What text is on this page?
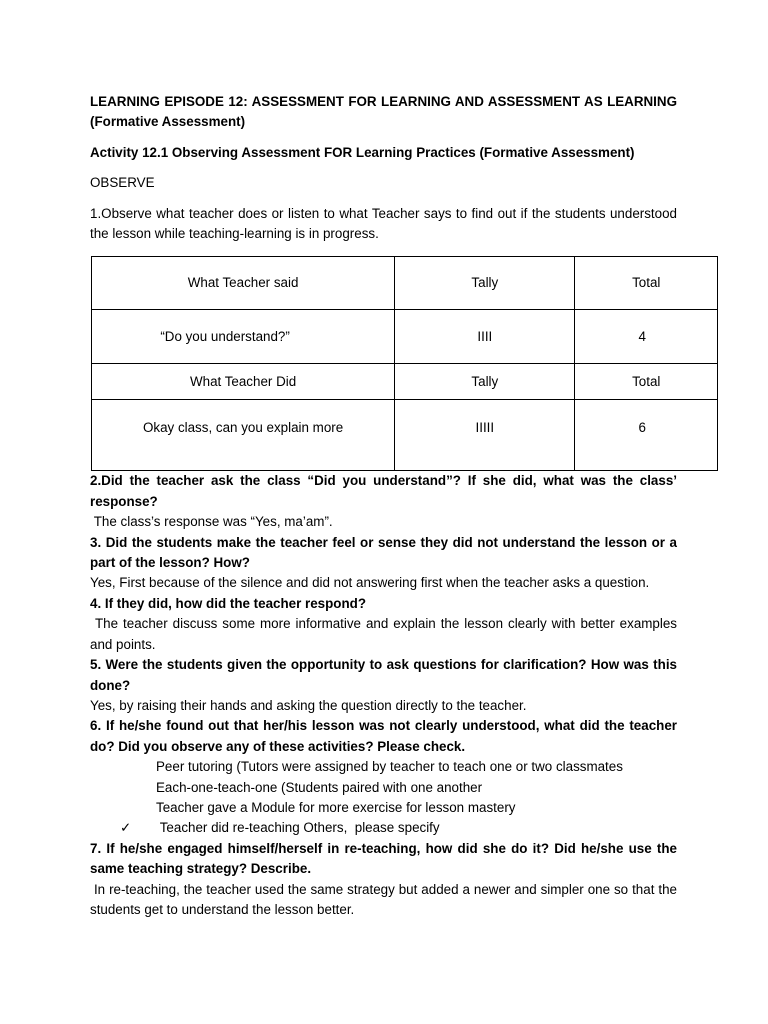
LEARNING EPISODE 12: ASSESSMENT FOR LEARNING AND ASSESSMENT AS LEARNING (Formative Assessment)

Activity 12.1 Observing Assessment FOR Learning Practices (Formative Assessment)

OBSERVE

1.Observe what teacher does or listen to what Teacher says to find out if the students understood the lesson while teaching-learning is in progress.

What Teacher said	Tally	Total
“Do you understand?”	IIII	4
What Teacher Did	Tally	Total
Okay class, can you explain more	IIIII	6

2.Did the teacher ask the class “Did you understand”? If she did, what was the class’ response?

The class’s response was “Yes, ma’am”.

3. Did the students make the teacher feel or sense they did not understand the lesson or a part of the lesson? How?

Yes, First because of the silence and did not answering first when the teacher asks a question.

4. If they did, how did the teacher respond?

The teacher discuss some more informative and explain the lesson clearly with better examples and points.

5. Were the students given the opportunity to ask questions for clarification? How was this done?

Yes, by raising their hands and asking the question directly to the teacher.

6. If he/she found out that her/his lesson was not clearly understood, what did the teacher do? Did you observe any of these activities? Please check.

Peer tutoring (Tutors were assigned by teacher to teach one or two classmates
Each-one-teach-one (Students paired with one another
Teacher gave a Module for more exercise for lesson mastery
✓ Teacher did re-teaching Others,  please specify

7. If he/she engaged himself/herself in re-teaching, how did she do it? Did he/she use the same teaching strategy? Describe.

In re-teaching, the teacher used the same strategy but added a newer and simpler one so that the students get to understand the lesson better.
